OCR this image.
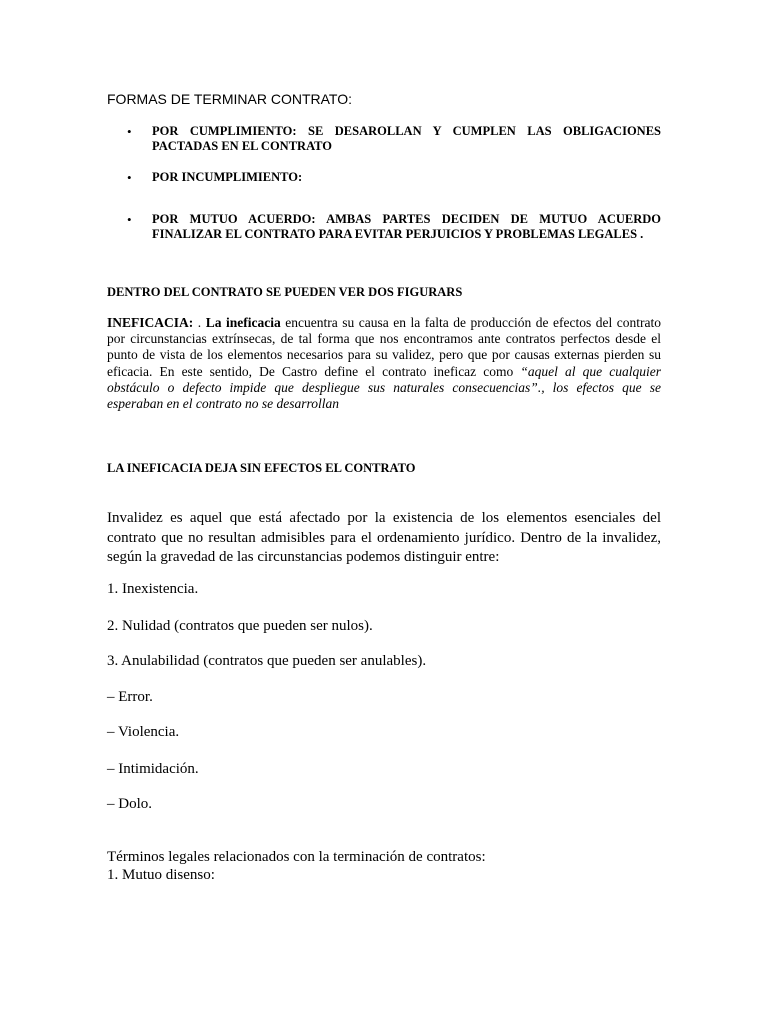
FORMAS DE TERMINAR CONTRATO:

• POR CUMPLIMIENTO: SE DESAROLLAN Y CUMPLEN LAS OBLIGACIONES PACTADAS EN EL CONTRATO
• POR INCUMPLIMIENTO:
• POR MUTUO ACUERDO: AMBAS PARTES DECIDEN DE MUTUO ACUERDO FINALIZAR EL CONTRATO PARA EVITAR PERJUICIOS Y PROBLEMAS LEGALES .

DENTRO DEL CONTRATO SE PUEDEN VER DOS FIGURARS

INEFICACIA: . La ineficacia encuentra su causa en la falta de producción de efectos del contrato por circunstancias extrínsecas, de tal forma que nos encontramos ante contratos perfectos desde el punto de vista de los elementos necesarios para su validez, pero que por causas externas pierden su eficacia. En este sentido, De Castro define el contrato ineficaz como “aquel al que cualquier obstáculo o defecto impide que despliegue sus naturales consecuencias”., los efectos que se esperaban en el contrato no se desarrollan

LA INEFICACIA DEJA SIN EFECTOS EL CONTRATO

Invalidez es aquel que está afectado por la existencia de los elementos esenciales del contrato que no resultan admisibles para el ordenamiento jurídico. Dentro de la invalidez, según la gravedad de las circunstancias podemos distinguir entre:

1. Inexistencia.

2. Nulidad (contratos que pueden ser nulos).

3. Anulabilidad (contratos que pueden ser anulables).

– Error.

– Violencia.

– Intimidación.

– Dolo.

Términos legales relacionados con la terminación de contratos:

1. Mutuo disenso:
